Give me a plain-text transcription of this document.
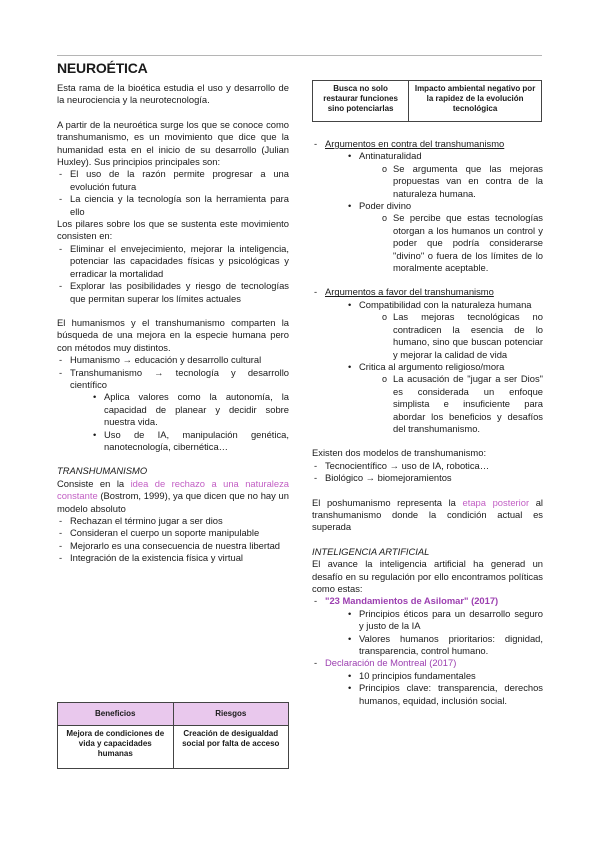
NEUROÉTICA

Esta rama de la bioética estudia el uso y desarrollo de la neurociencia y la neurotecnología.

A partir de la neuroética surge los que se conoce como transhumanismo, es un movimiento que dice que la humanidad esta en el inicio de su desarrollo (Julian Huxley). Sus principios principales son:

- El uso de la razón permite progresar a una evolución futura
- La ciencia y la tecnología son la herramienta para ello

Los pilares sobre los que se sustenta este movimiento consisten en:

- Eliminar el envejecimiento, mejorar la inteligencia, potenciar las capacidades físicas y psicológicas y erradicar la mortalidad
- Explorar las posibilidades y riesgo de tecnologías que permitan superar los límites actuales

El humanismos y el transhumanismo comparten la búsqueda de una mejora en la especie humana pero con métodos muy distintos.

- Humanismo → educación y desarrollo cultural
- Transhumanismo → tecnología y desarrollo científico
• Aplica valores como la autonomía, la capacidad de planear y decidir sobre nuestra vida.
• Uso de IA, manipulación genética, nanotecnología, cibernética…

TRANSHUMANISMO

Consiste en la idea de rechazo a una naturaleza constante (Bostrom, 1999), ya que dicen que no hay un modelo absoluto

- Rechazan el término jugar a ser dios
- Consideran el cuerpo un soporte manipulable
- Mejorarlo es una consecuencia de nuestra libertad
- Integración de la existencia física y virtual
Beneficios	Riesgos
Mejora de condiciones de vida y capacidades humanas	Creación de desigualdad social por falta de acceso
Busca no solo restaurar funciones sino potenciarlas	Impacto ambiental negativo por la rapidez de la evolución tecnológica
- Argumentos en contra del transhumanismo
• Antinaturalidad
o Se argumenta que las mejoras propuestas van en contra de la naturaleza humana.
• Poder divino
o Se percibe que estas tecnologías otorgan a los humanos un control y poder que podría considerarse "divino" o fuera de los límites de lo moralmente aceptable.
- Argumentos a favor del transhumanismo
• Compatibilidad con la naturaleza humana
o Las mejoras tecnológicas no contradicen la esencia de lo humano, sino que buscan potenciar y mejorar la calidad de vida
• Critica al argumento religioso/mora
o La acusación de "jugar a ser Dios" es considerada un enfoque simplista e insuficiente para abordar los beneficios y desafíos del transhumanismo.

Existen dos modelos de transhumanismo:

- Tecnocientífico → uso de IA, robotica…
- Biológico → biomejoramientos

El poshumanismo representa la etapa posterior al transhumanismo donde la condición actual es superada

INTELIGENCIA ARTIFICIAL

El avance la inteligencia artificial ha generad un desafío en su regulación por ello encontramos políticas como estas:

- "23 Mandamientos de Asilomar" (2017)
• Principios éticos para un desarrollo seguro y justo de la IA
• Valores humanos prioritarios: dignidad, transparencia, control humano.
- Declaración de Montreal (2017)
• 10 principios fundamentales
• Principios clave: transparencia, derechos humanos, equidad, inclusión social.
